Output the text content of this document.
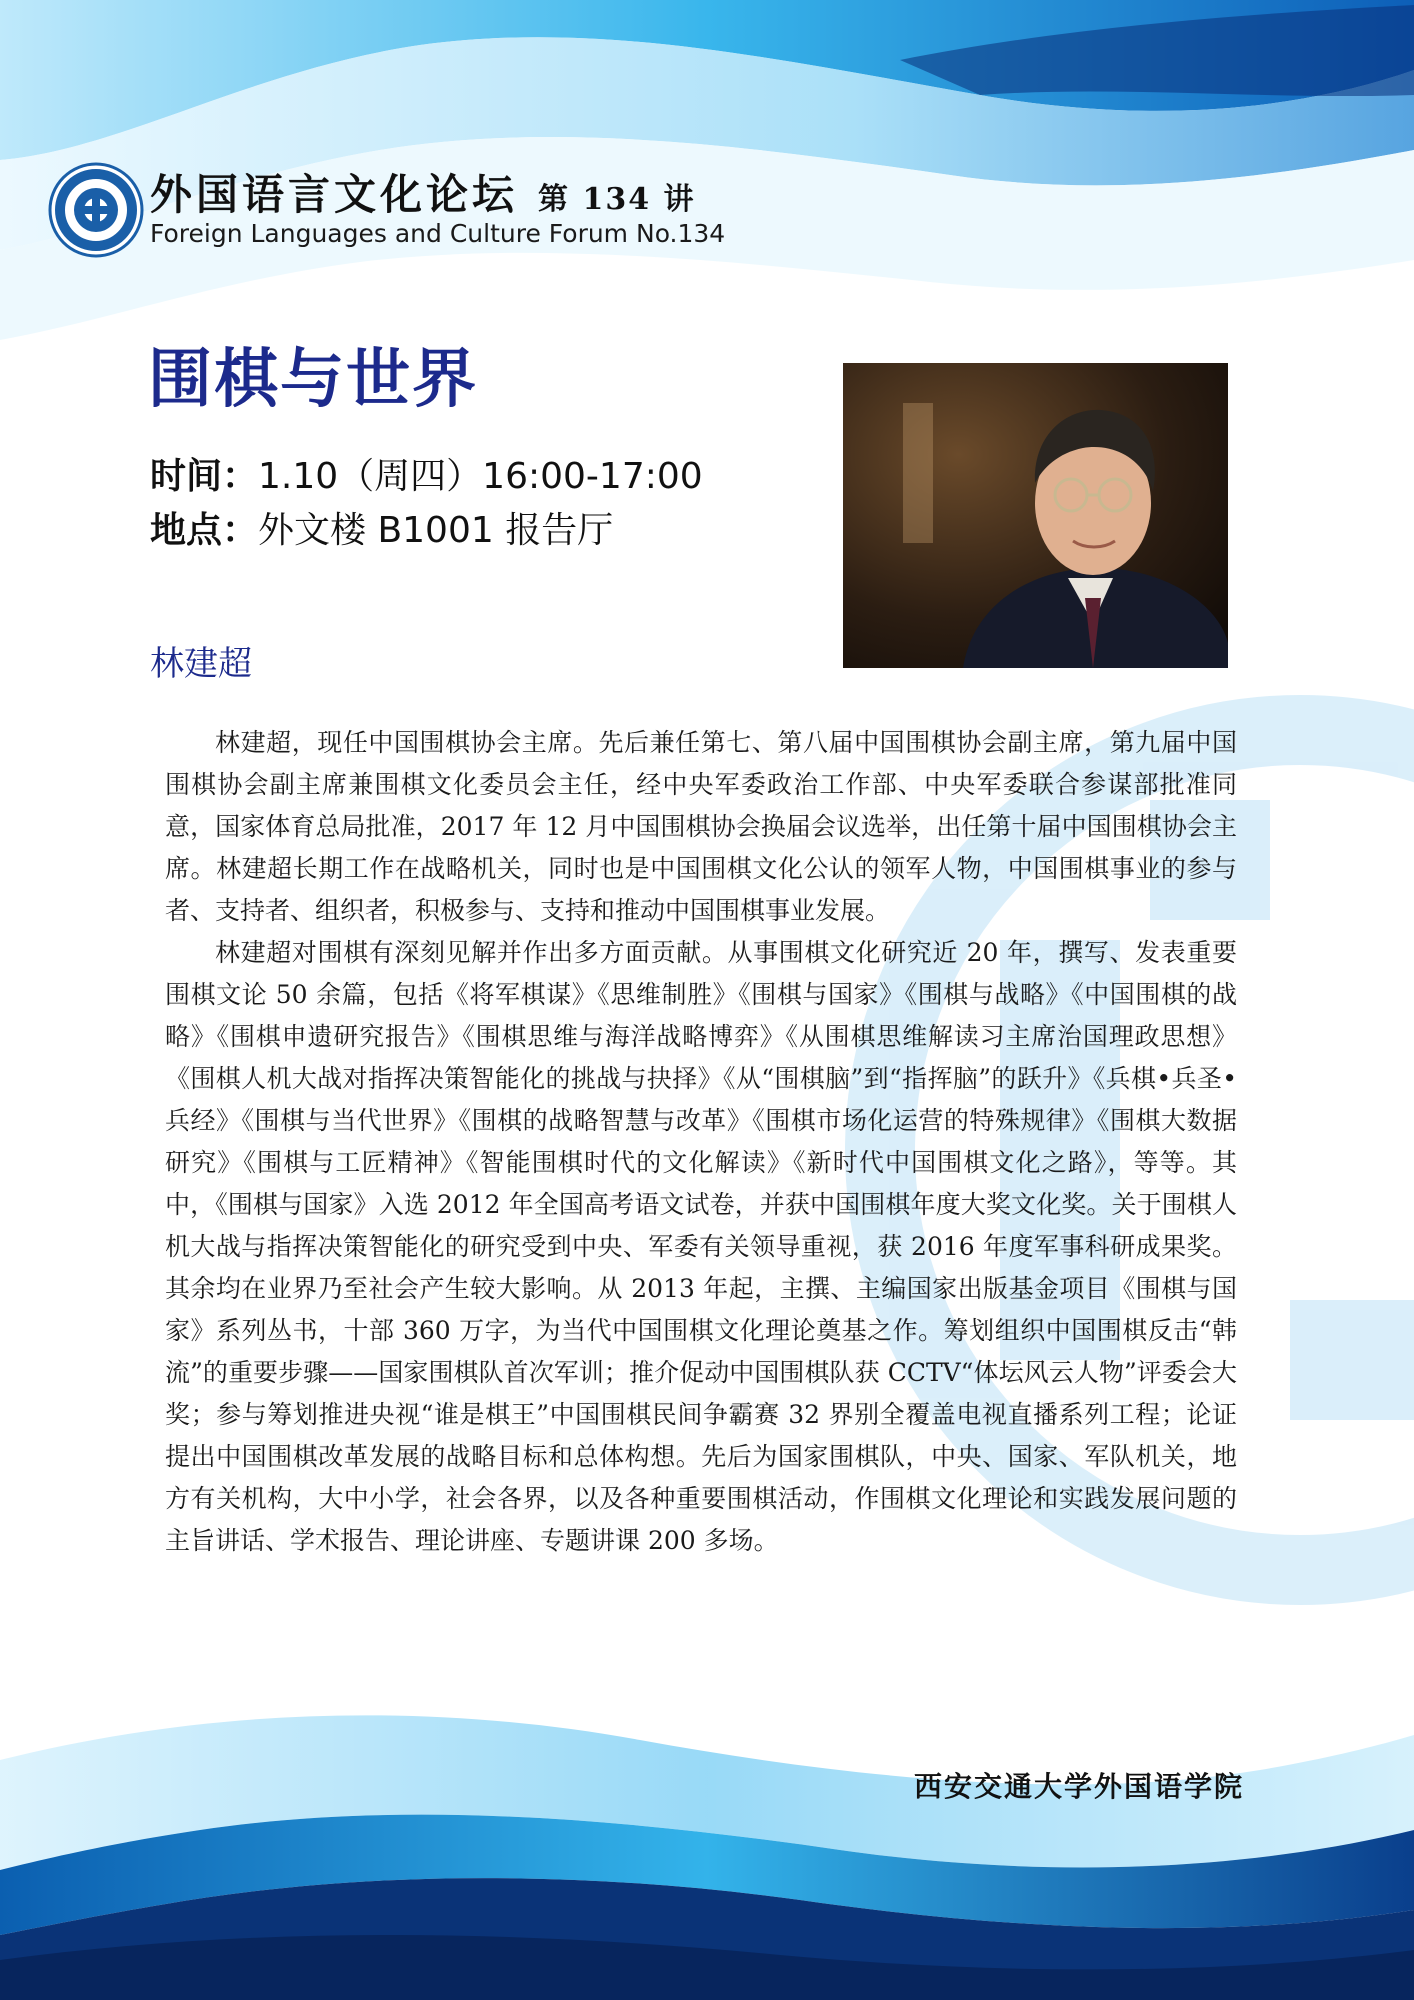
外国语言文化论坛 第 134 讲
Foreign Languages and Culture Forum No.134
围棋与世界
时间：1.10（周四）16:00-17:00
地点：外文楼 B1001 报告厅
林建超

林建超，现任中国围棋协会主席。先后兼任第七、第八届中国围棋协会副主席，第九届中国围棋协会副主席兼围棋文化委员会主任，经中央军委政治工作部、中央军委联合参谋部批准同意，国家体育总局批准，2017 年 12 月中国围棋协会换届会议选举，出任第十届中国围棋协会主席。林建超长期工作在战略机关，同时也是中国围棋文化公认的领军人物，中国围棋事业的参与者、支持者、组织者，积极参与、支持和推动中国围棋事业发展。

林建超对围棋有深刻见解并作出多方面贡献。从事围棋文化研究近 20 年，撰写、发表重要围棋文论 50 余篇，包括《将军棋谋》《思维制胜》《围棋与国家》《围棋与战略》《中国围棋的战略》《围棋申遗研究报告》《围棋思维与海洋战略博弈》《从围棋思维解读习主席治国理政思想》《围棋人机大战对指挥决策智能化的挑战与抉择》《从“围棋脑”到“指挥脑”的跃升》《兵棋•兵圣•兵经》《围棋与当代世界》《围棋的战略智慧与改革》《围棋市场化运营的特殊规律》《围棋大数据研究》《围棋与工匠精神》《智能围棋时代的文化解读》《新时代中国围棋文化之路》，等等。其中，《围棋与国家》入选 2012 年全国高考语文试卷，并获中国围棋年度大奖文化奖。关于围棋人机大战与指挥决策智能化的研究受到中央、军委有关领导重视，获 2016 年度军事科研成果奖。其余均在业界乃至社会产生较大影响。从 2013 年起，主撰、主编国家出版基金项目《围棋与国家》系列丛书，十部 360 万字，为当代中国围棋文化理论奠基之作。筹划组织中国围棋反击“韩流”的重要步骤——国家围棋队首次军训；推介促动中国围棋队获 CCTV“体坛风云人物”评委会大奖；参与筹划推进央视“谁是棋王”中国围棋民间争霸赛 32 界别全覆盖电视直播系列工程；论证提出中国围棋改革发展的战略目标和总体构想。先后为国家围棋队，中央、国家、军队机关，地方有关机构，大中小学，社会各界，以及各种重要围棋活动，作围棋文化理论和实践发展问题的主旨讲话、学术报告、理论讲座、专题讲课 200 多场。

西安交通大学外国语学院
